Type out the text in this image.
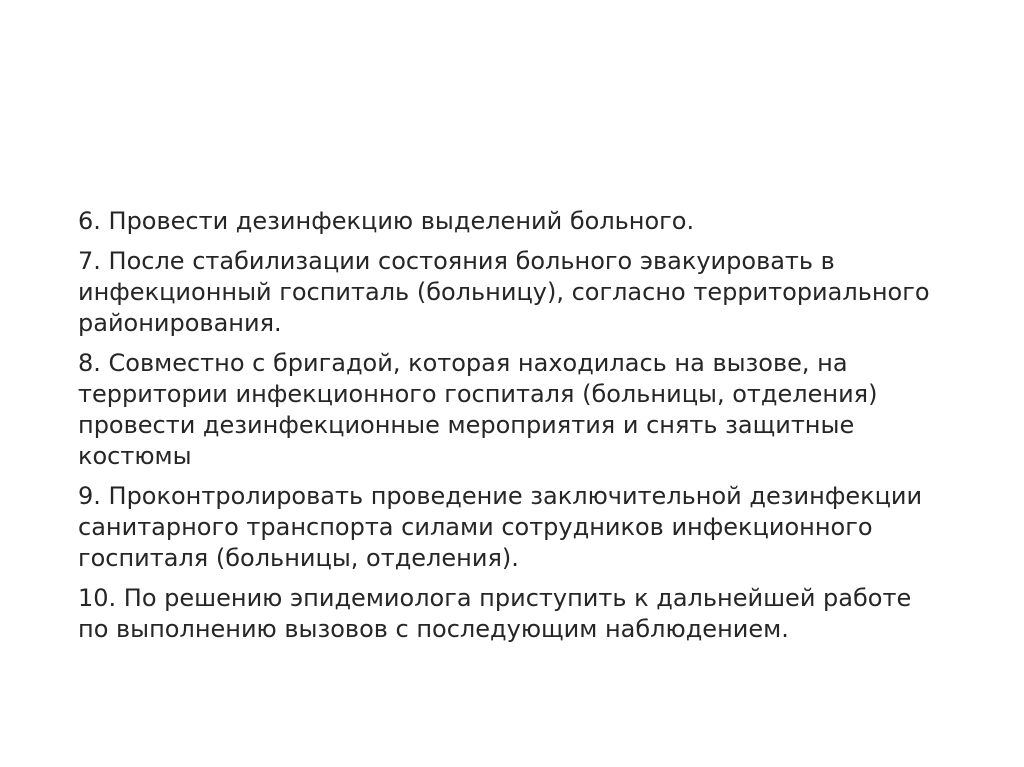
6. Провести дезинфекцию выделений больного.

7. После стабилизации состояния больного эвакуировать в
инфекционный госпиталь (больницу), согласно территориального
районирования.

8. Совместно с бригадой, которая находилась на вызове, на
территории инфекционного госпиталя (больницы, отделения)
провести дезинфекционные мероприятия и снять защитные
костюмы

9. Проконтролировать проведение заключительной дезинфекции
санитарного транспорта силами сотрудников инфекционного
госпиталя (больницы, отделения).

10. По решению эпидемиолога приступить к дальнейшей работе
по выполнению вызовов с последующим наблюдением.
